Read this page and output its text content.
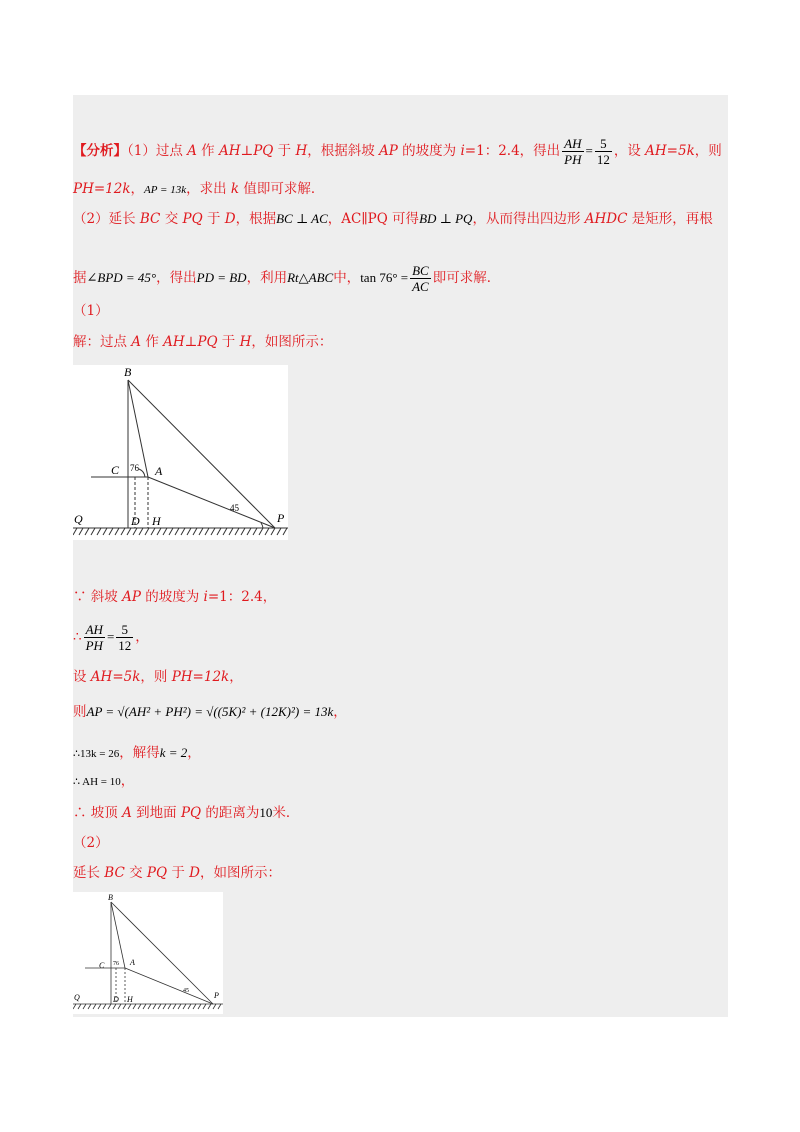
【分析】（1）过点 A 作 AH⊥PQ 于 H，根据斜坡 AP 的坡度为 i=1：2.4，得出 $\frac{AH}{PH} = \frac{5}{12}$ ，设 AH=5k，则
PH=12k，AP = 13k，求出 k 值即可求解．
（2）延长 BC 交 PQ 于 D，根据BC ⊥ AC，AC∥PQ 可得BD ⊥ PQ，从而得出四边形 AHDC 是矩形，再根
据∠BPD = 45°，得出PD = BD，利用Rt△ABC中，$\tan 76^\circ = \frac{BC}{AC}$ 即可求解．
（1）
解：过点 A 作 AH⊥PQ 于 H，如图所示：
B
C	A
Q	D H	P
76
45
∵ 斜坡 AP 的坡度为 i=1：2.4，
∴ $\frac{AH}{PH} = \frac{5}{12}$ ，
设 AH=5k，则 PH=12k，
则AP = √(AH² + PH²) = √((5K)² + (12K)²) = 13k，
∴13k = 26，解得k = 2，
∴ AH = 10，
∴ 坡顶 A 到地面 PQ 的距离为10米．
（2）
延长 BC 交 PQ 于 D，如图所示：
B
C	A
Q	D H	P
76
45
